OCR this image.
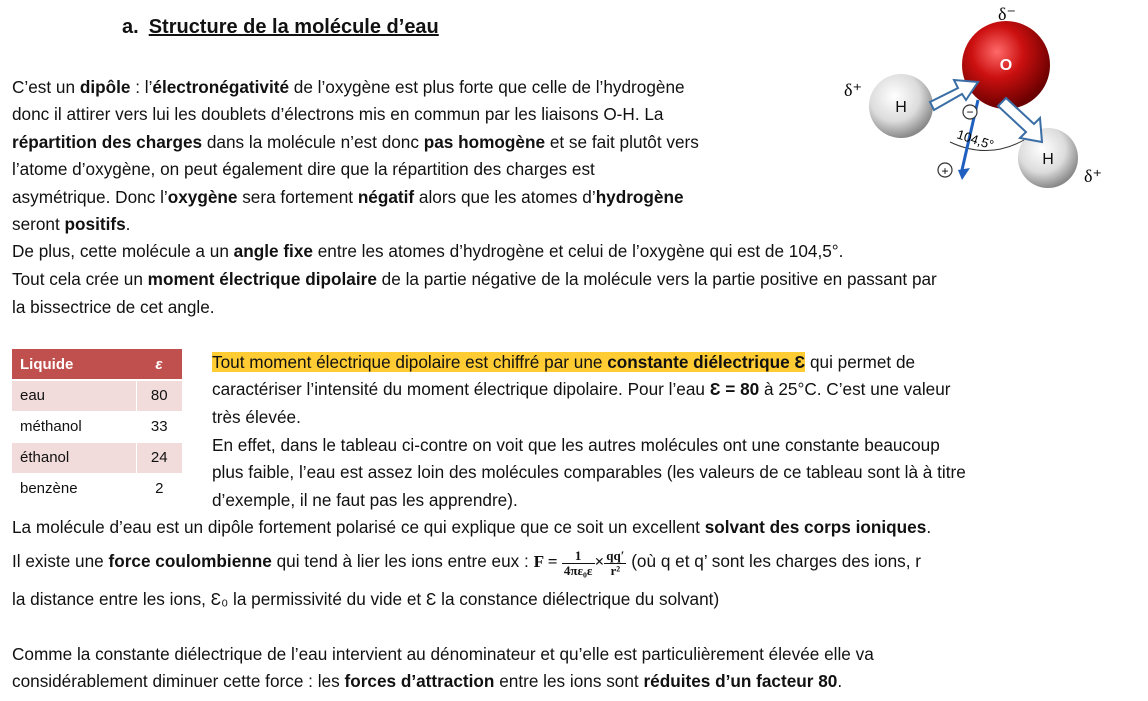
a. Structure de la molécule d’eau
−
+
O
H
H
δ⁻
δ⁺
δ⁺
104,5°
C’est un dipôle : l’électronégativité de l’oxygène est plus forte que celle de l’hydrogène
donc il attirer vers lui les doublets d’électrons mis en commun par les liaisons O-H. La
répartition des charges dans la molécule n’est donc pas homogène et se fait plutôt vers
l’atome d’oxygène, on peut également dire que la répartition des charges est
asymétrique. Donc l’oxygène sera fortement négatif alors que les atomes d’hydrogène
seront positifs.
De plus, cette molécule a un angle fixe entre les atomes d’hydrogène et celui de l’oxygène qui est de 104,5°.
Tout cela crée un moment électrique dipolaire de la partie négative de la molécule vers la partie positive en passant par
la bissectrice de cet angle.
Liquide	ε
eau	80
méthanol	33
éthanol	24
benzène	2
Tout moment électrique dipolaire est chiffré par une constante diélectrique Ɛ qui permet de
caractériser l’intensité du moment électrique dipolaire. Pour l’eau Ɛ = 80 à 25°C. C’est une valeur
très élevée.
En effet, dans le tableau ci-contre on voit que les autres molécules ont une constante beaucoup
plus faible, l’eau est assez loin des molécules comparables (les valeurs de ce tableau sont là à titre
d’exemple, il ne faut pas les apprendre).
La molécule d’eau est un dipôle fortement polarisé ce qui explique que ce soit un excellent solvant des corps ioniques.
Il existe une force coulombienne qui tend à lier les ions entre eux : $F = \frac{1}{\text{4πε₀ε}} \times \frac{qq'}{\text{r²}}$ (où q et q’ sont les charges des ions, r
la distance entre les ions, Ɛ₀ la permissivité du vide et Ɛ la constance diélectrique du solvant)
Comme la constante diélectrique de l’eau intervient au dénominateur et qu’elle est particulièrement élevée elle va
considérablement diminuer cette force : les forces d’attraction entre les ions sont réduites d’un facteur 80.
